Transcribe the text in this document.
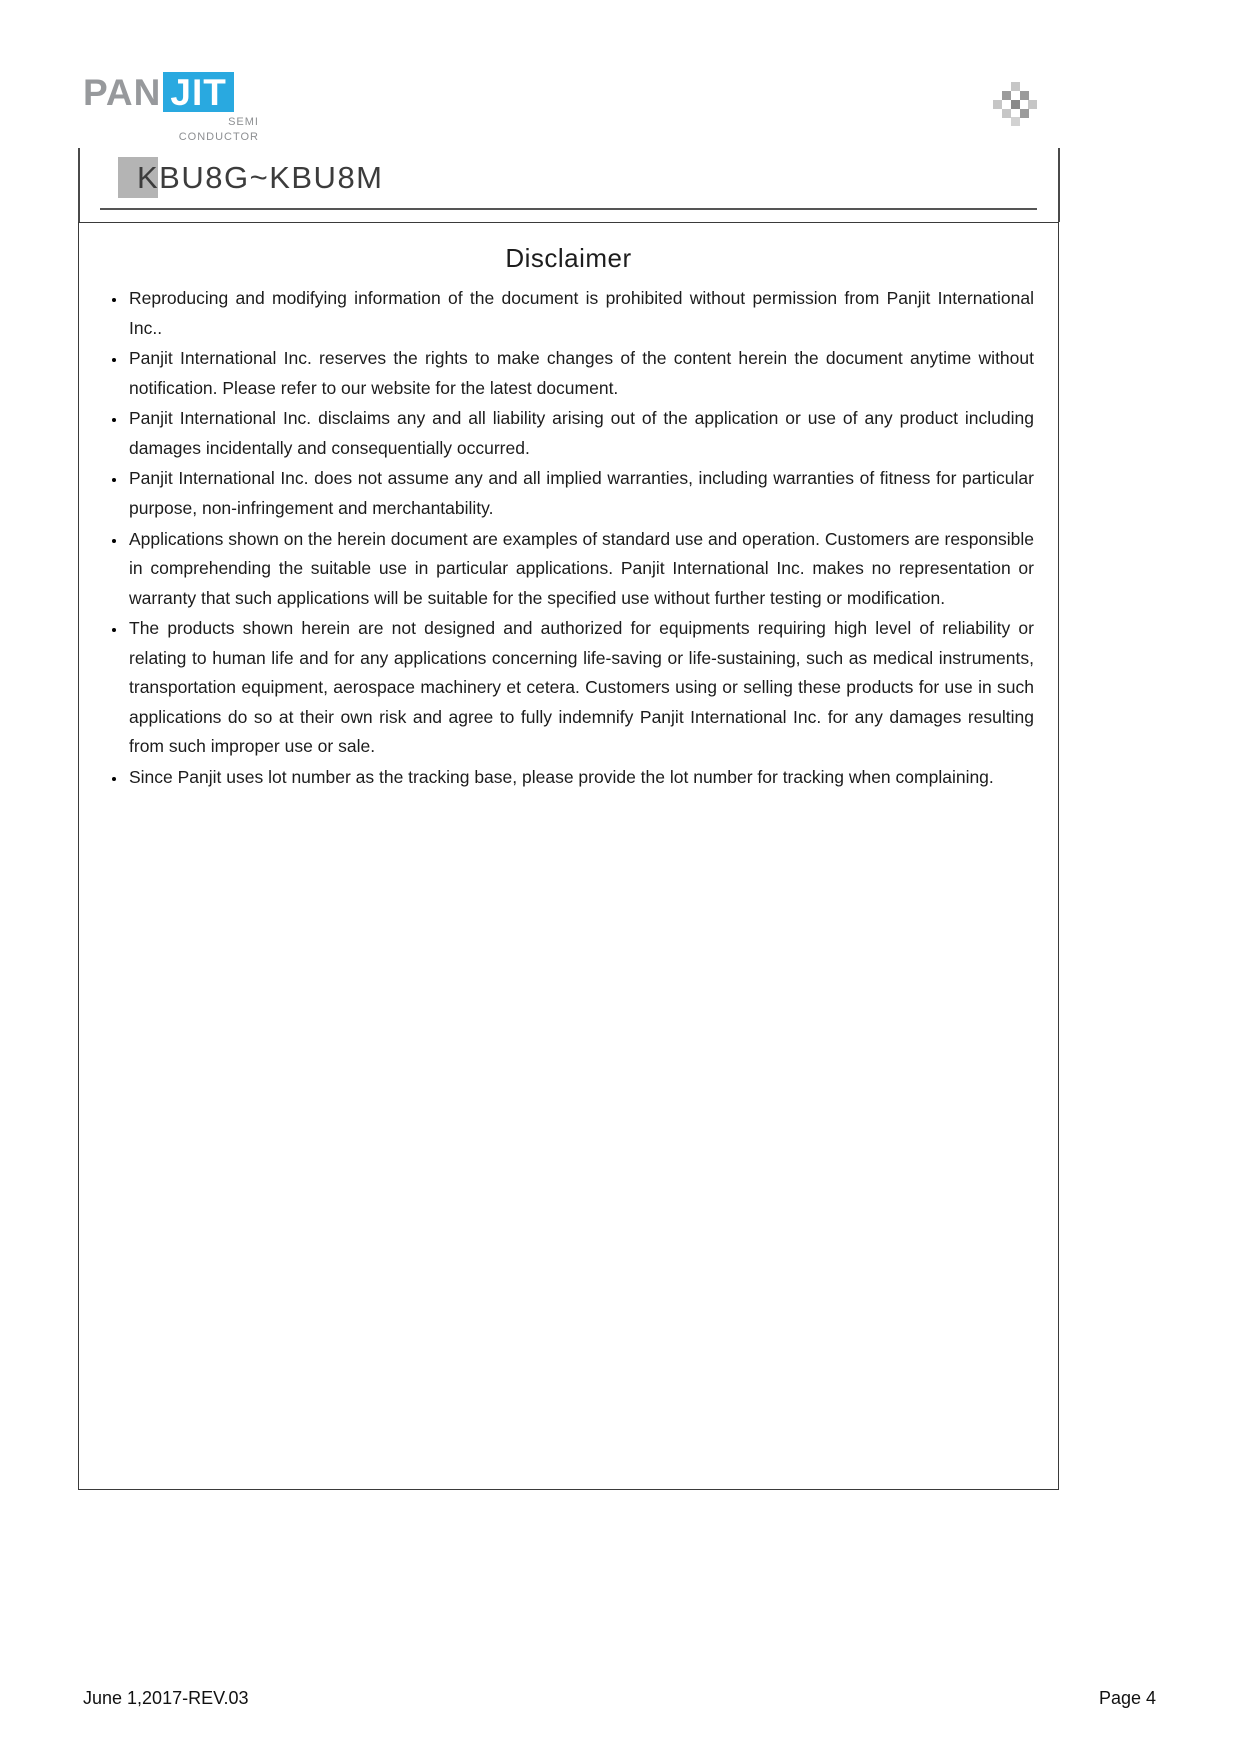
PAN JIT
SEMI
CONDUCTOR
KBU8G~KBU8M
Disclaimer
• Reproducing and modifying information of the document is prohibited without permission from Panjit International Inc..
• Panjit International Inc. reserves the rights to make changes of the content herein the document anytime without notification. Please refer to our website for the latest document.
• Panjit International Inc. disclaims any and all liability arising out of the application or use of any product including damages incidentally and consequentially occurred.
• Panjit International Inc. does not assume any and all implied warranties, including warranties of fitness for particular purpose, non-infringement and merchantability.
• Applications shown on the herein document are examples of standard use and operation. Customers are responsible in comprehending the suitable use in particular applications. Panjit International Inc. makes no representation or warranty that such applications will be suitable for the specified use without further testing or modification.
• The products shown herein are not designed and authorized for equipments requiring high level of reliability or relating to human life and for any applications concerning life-saving or life-sustaining, such as medical instruments, transportation equipment, aerospace machinery et cetera. Customers using or selling these products for use in such applications do so at their own risk and agree to fully indemnify Panjit International Inc. for any damages resulting from such improper use or sale.
• Since Panjit uses lot number as the tracking base, please provide the lot number for tracking when complaining.
June 1,2017-REV.03	Page 4
